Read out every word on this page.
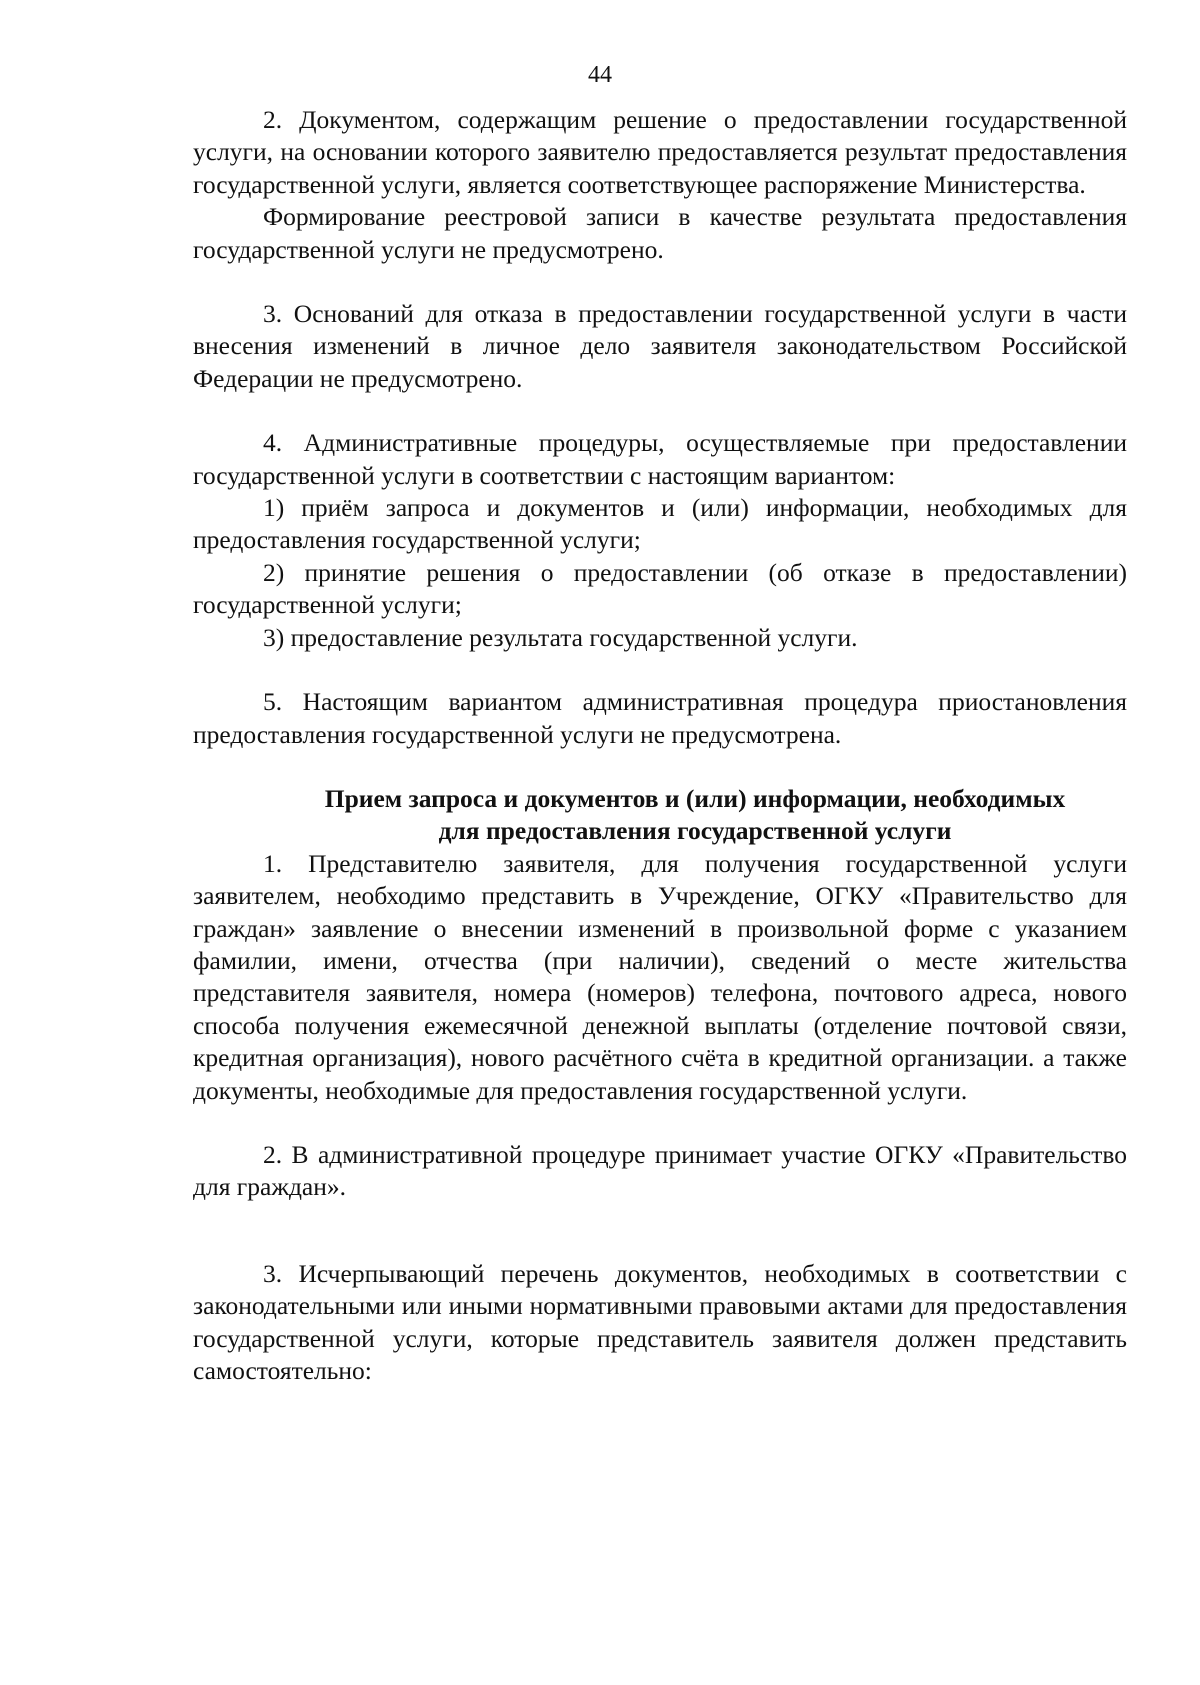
44

2. Документом, содержащим решение о предоставлении государственной услуги, на основании которого заявителю предоставляется результат предоставления государственной услуги, является соответствующее распоряжение Министерства.

Формирование реестровой записи в качестве результата предоставления государственной услуги не предусмотрено.

3. Оснований для отказа в предоставлении государственной услуги в части внесения изменений в личное дело заявителя законодательством Российской Федерации не предусмотрено.

4. Административные процедуры, осуществляемые при предоставлении государственной услуги в соответствии с настоящим вариантом:

1) приём запроса и документов и (или) информации, необходимых для предоставления государственной услуги;

2) принятие решения о предоставлении (об отказе в предоставлении) государственной услуги;

3) предоставление результата государственной услуги.

5. Настоящим вариантом административная процедура приостановления предоставления государственной услуги не предусмотрена.

Прием запроса и документов и (или) информации, необходимых

для предоставления государственной услуги

1. Представителю заявителя, для получения государственной услуги заявителем, необходимо представить в Учреждение, ОГКУ «Правительство для граждан» заявление о внесении изменений в произвольной форме с указанием фамилии, имени, отчества (при наличии), сведений о месте жительства представителя заявителя, номера (номеров) телефона, почтового адреса, нового способа получения ежемесячной денежной выплаты (отделение почтовой связи, кредитная организация), нового расчётного счёта в кредитной организации. а также документы, необходимые для предоставления государственной услуги.

2. В административной процедуре принимает участие ОГКУ «Правительство для граждан».

3. Исчерпывающий перечень документов, необходимых в соответствии с законодательными или иными нормативными правовыми актами для предоставления государственной услуги, которые представитель заявителя должен представить самостоятельно:
